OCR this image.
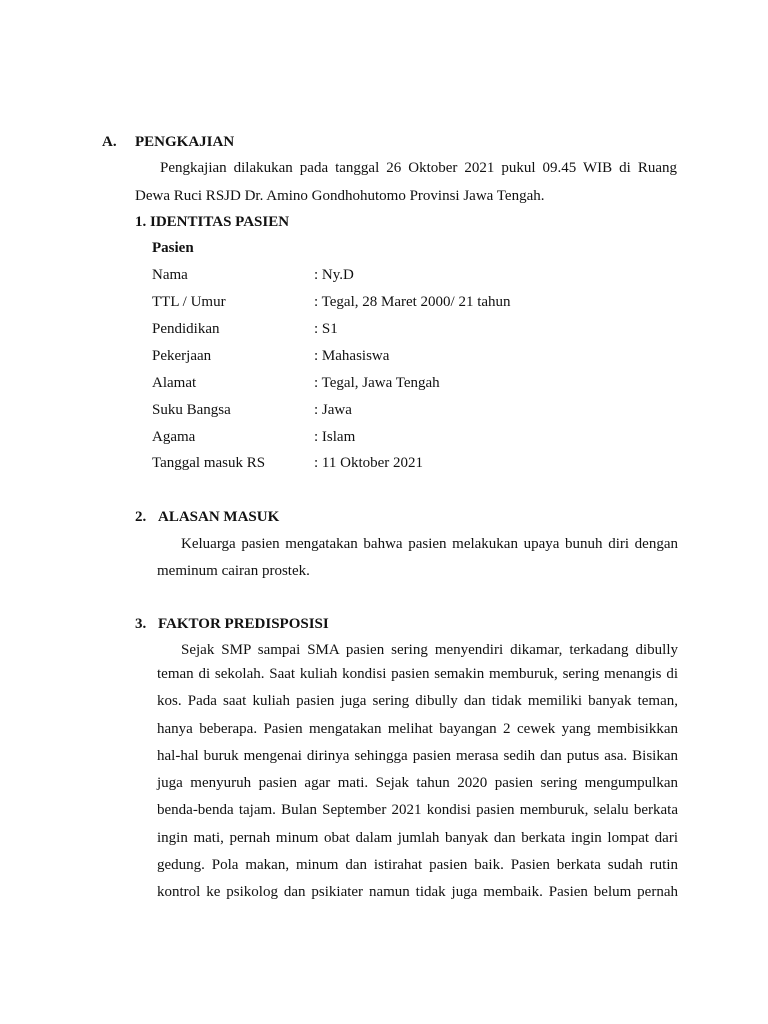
A. PENGKAJIAN
Pengkajian dilakukan pada tanggal 26 Oktober 2021 pukul 09.45 WIB di Ruang
Dewa Ruci RSJD Dr. Amino Gondhohutomo Provinsi Jawa Tengah.
1. IDENTITAS PASIEN
Pasien
Nama	: Ny.D
TTL / Umur	: Tegal, 28 Maret 2000/ 21 tahun
Pendidikan	: S1
Pekerjaan	: Mahasiswa
Alamat	: Tegal, Jawa Tengah
Suku Bangsa	: Jawa
Agama	: Islam
Tanggal masuk RS	: 11 Oktober 2021
2. ALASAN MASUK
Keluarga pasien mengatakan bahwa pasien melakukan upaya bunuh diri dengan
meminum cairan prostek.
3. FAKTOR PREDISPOSISI
Sejak SMP sampai SMA pasien sering menyendiri dikamar, terkadang dibully
teman di sekolah. Saat kuliah kondisi pasien semakin memburuk, sering menangis di
kos. Pada saat kuliah pasien juga sering dibully dan tidak memiliki banyak teman,
hanya beberapa. Pasien mengatakan melihat bayangan 2 cewek yang membisikkan
hal-hal buruk mengenai dirinya sehingga pasien merasa sedih dan putus asa. Bisikan
juga menyuruh pasien agar mati. Sejak tahun 2020 pasien sering mengumpulkan
benda-benda tajam. Bulan September 2021 kondisi pasien memburuk, selalu berkata
ingin mati, pernah minum obat dalam jumlah banyak dan berkata ingin lompat dari
gedung. Pola makan, minum dan istirahat pasien baik. Pasien berkata sudah rutin
kontrol ke psikolog dan psikiater namun tidak juga membaik. Pasien belum pernah
